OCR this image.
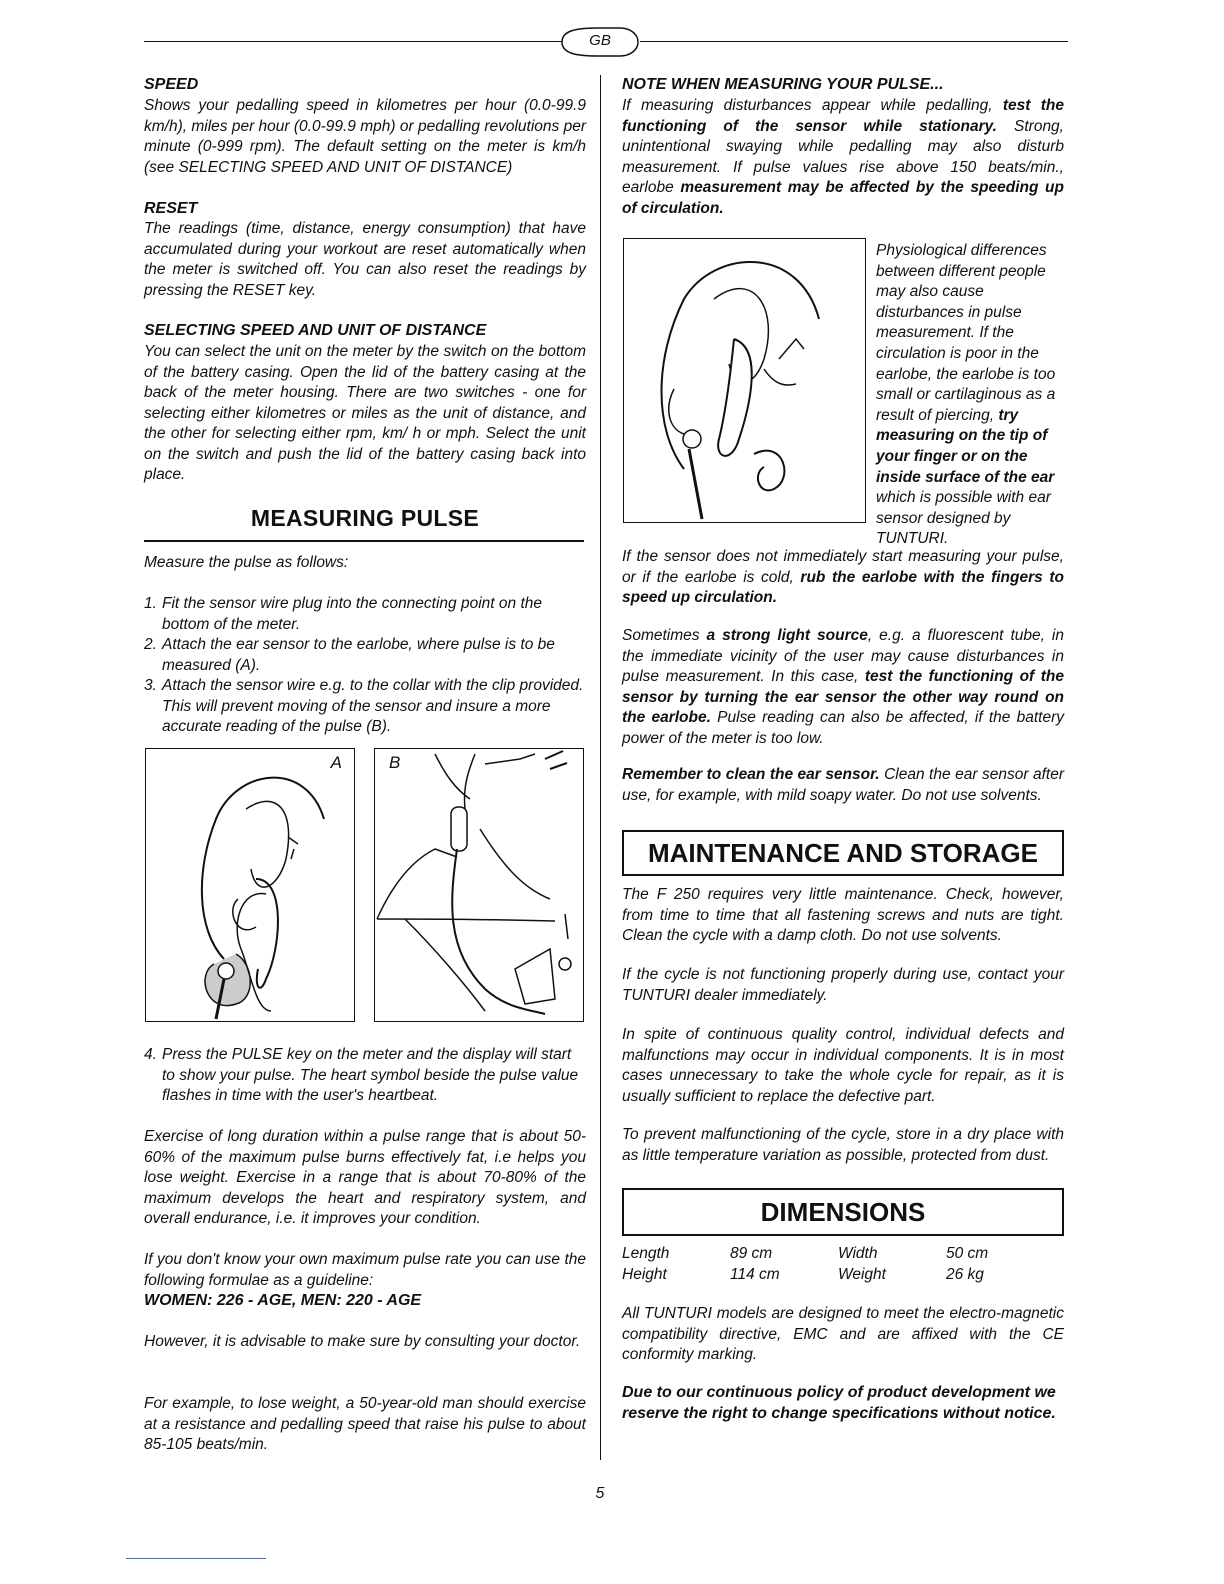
GB
SPEED
Shows your pedalling speed in kilometres per hour (0.0-99.9 km/h), miles per hour (0.0-99.9 mph) or pedalling revolutions per minute (0-999 rpm). The default setting on the meter is km/h (see SELECTING SPEED AND UNIT OF DISTANCE)
RESET
The readings (time, distance, energy consumption) that have accumulated during your workout are reset automatically when the meter is switched off. You can also reset the readings by pressing the RESET key.
SELECTING SPEED AND UNIT OF DISTANCE
You can select the unit on the meter by the switch on the bottom of the battery casing. Open the lid of the battery casing at the back of the meter housing. There are two switches - one for selecting either kilometres or miles as the unit of distance, and the other for selecting either rpm, km/ h or mph. Select the unit on the switch and push the lid of the battery casing back into place.
MEASURING PULSE
Measure the pulse as follows:
1. Fit the sensor wire plug into the connecting point on the bottom of the meter.
2. Attach the ear sensor to the earlobe, where pulse is to be measured (A).
3. Attach the sensor wire e.g. to the collar with the clip provided. This will prevent moving of the sensor and insure a more accurate reading of the pulse (B).
A	B
4. Press the PULSE key on the meter and the display will start to show your pulse. The heart symbol beside the pulse value flashes in time with the user's heartbeat.
Exercise of long duration within a pulse range that is about 50-60% of the maximum pulse burns effectively fat, i.e helps you lose weight. Exercise in a range that is about 70-80% of the maximum develops the heart and respiratory system, and overall endurance, i.e. it improves your condition.
If you don't know your own maximum pulse rate you can use the following formulae as a guideline:
WOMEN: 226 - AGE, MEN: 220 - AGE
However, it is advisable to make sure by consulting your doctor.
For example, to lose weight, a 50-year-old man should exercise at a resistance and pedalling speed that raise his pulse to about 85-105 beats/min.
NOTE WHEN MEASURING YOUR PULSE...
If measuring disturbances appear while pedalling, test the functioning of the sensor while stationary. Strong, unintentional swaying while pedalling may also disturb measurement. If pulse values rise above 150 beats/min., earlobe measurement may be affected by the speeding up of circulation.
Physiological differences between different people may also cause disturbances in pulse measurement. If the circulation is poor in the earlobe, the earlobe is too small or cartilaginous as a result of piercing, try measuring on the tip of your finger or on the inside surface of the ear which is possible with ear sensor designed by TUNTURI.
If the sensor does not immediately start measuring your pulse, or if the earlobe is cold, rub the earlobe with the fingers to speed up circulation.
Sometimes a strong light source, e.g. a fluorescent tube, in the immediate vicinity of the user may cause disturbances in pulse measurement. In this case, test the functioning of the sensor by turning the ear sensor the other way round on the earlobe. Pulse reading can also be affected, if the battery power of the meter is too low.
Remember to clean the ear sensor. Clean the ear sensor after use, for example, with mild soapy water. Do not use solvents.
MAINTENANCE AND STORAGE
The F 250 requires very little maintenance. Check, however, from time to time that all fastening screws and nuts are tight. Clean the cycle with a damp cloth. Do not use solvents.
If the cycle is not functioning properly during use, contact your TUNTURI dealer immediately.
In spite of continuous quality control, individual defects and malfunctions may occur in individual components. It is in most cases unnecessary to take the whole cycle for repair, as it is usually sufficient to replace the defective part.
To prevent malfunctioning of the cycle, store in a dry place with as little temperature variation as possible, protected from dust.
DIMENSIONS
Length	89 cm	Width	50 cm
Height	114 cm	Weight	26 kg
All TUNTURI models are designed to meet the electro-magnetic compatibility directive, EMC and are affixed with the CE conformity marking.
Due to our continuous policy of product development we reserve the right to change specifications without notice.
5
